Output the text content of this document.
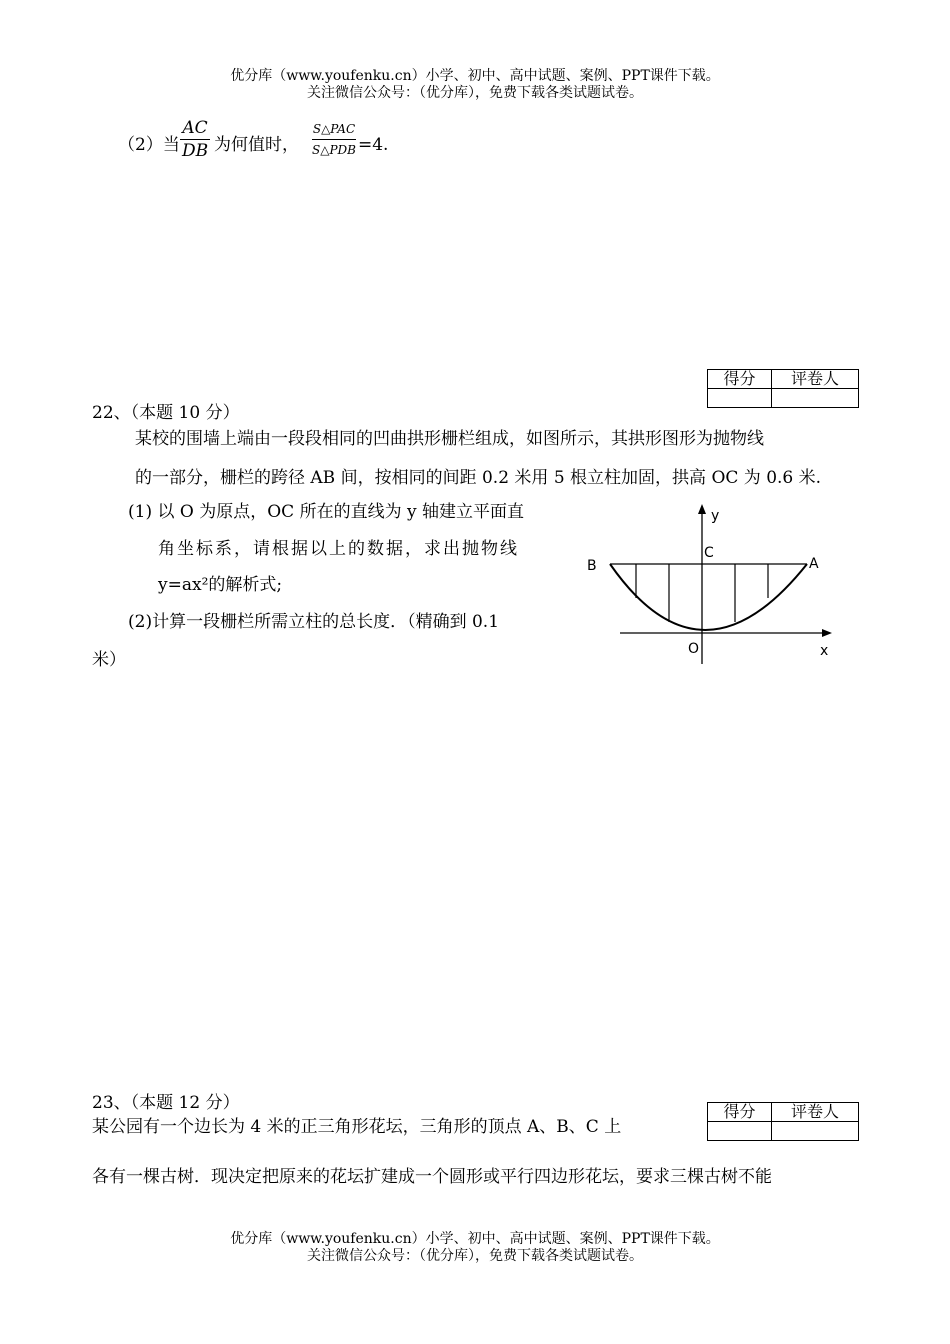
优分库（www.youfenku.cn）小学、初中、高中试题、案例、PPT课件下载。
关注微信公众号：（优分库），免费下载各类试题试卷。
（2）当
AC
DB 为何值时，
S△PAC
S△PDB =4.
得分	评卷人

22、（本题 10 分）
某校的围墙上端由一段段相同的凹曲拱形栅栏组成，如图所示，其拱形图形为抛物线
的一部分，栅栏的跨径 AB 间，按相同的间距 0.2 米用 5 根立柱加固，拱高 OC 为 0.6 米.
(1) 以 O 为原点，OC 所在的直线为 y 轴建立平面直
角坐标系，请根据以上的数据，求出抛物线
y=ax²的解析式;
(2)计算一段栅栏所需立柱的总长度．（精确到 0.1
米）
y
C
B	A
O	x
23、（本题 12 分）	得分	评卷人

某公园有一个边长为 4 米的正三角形花坛，三角形的顶点 A、B、C 上
各有一棵古树．现决定把原来的花坛扩建成一个圆形或平行四边形花坛，要求三棵古树不能
优分库（www.youfenku.cn）小学、初中、高中试题、案例、PPT课件下载。
关注微信公众号：（优分库），免费下载各类试题试卷。
